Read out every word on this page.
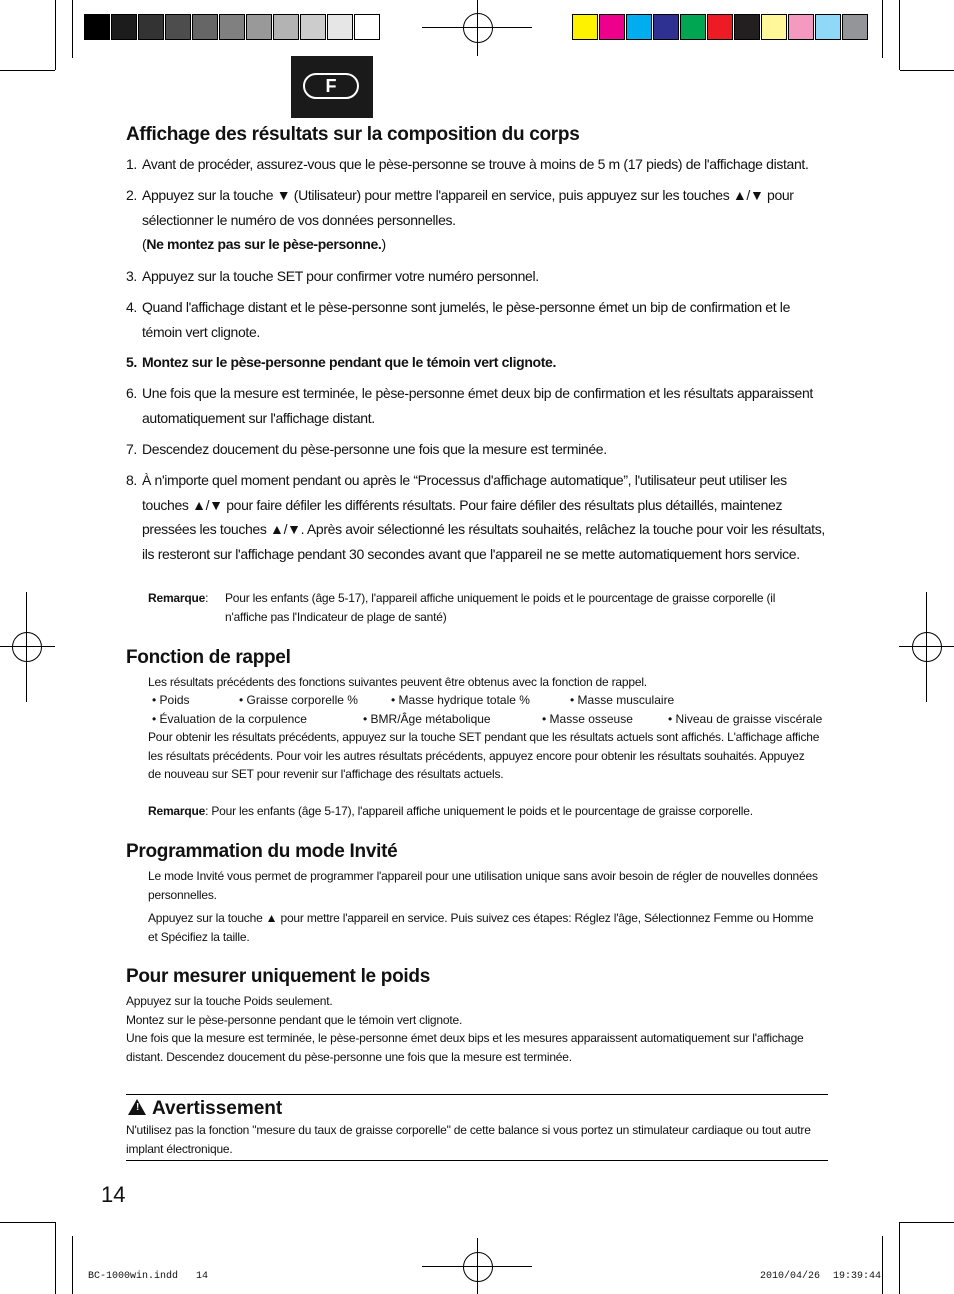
F
Affichage des résultats sur la composition du corps
1. Avant de procéder, assurez-vous que le pèse-personne se trouve à moins de 5 m (17 pieds) de l'affichage distant.
2. Appuyez sur la touche ▼ (Utilisateur) pour mettre l'appareil en service, puis appuyez sur les touches ▲/▼ pour sélectionner le numéro de vos données personnelles.
(Ne montez pas sur le pèse-personne.)
3. Appuyez sur la touche SET pour confirmer votre numéro personnel.
4. Quand l'affichage distant et le pèse-personne sont jumelés, le pèse-personne émet un bip de confirmation et le témoin vert clignote.
5. Montez sur le pèse-personne pendant que le témoin vert clignote.
6. Une fois que la mesure est terminée, le pèse-personne émet deux bip de confirmation et les résultats apparaissent automatiquement sur l'affichage distant.
7. Descendez doucement du pèse-personne une fois que la mesure est terminée.
8. À n'importe quel moment pendant ou après le “Processus d'affichage automatique”, l'utilisateur peut utiliser les touches ▲/▼ pour faire défiler les différents résultats. Pour faire défiler des résultats plus détaillés, maintenez pressées les touches ▲/▼. Après avoir sélectionné les résultats souhaités, relâchez la touche pour voir les résultats, ils resteront sur l'affichage pendant 30 secondes avant que l'appareil ne se mette automatiquement hors service.
Remarque: Pour les enfants (âge 5-17), l'appareil affiche uniquement le poids et le pourcentage de graisse corporelle (il n'affiche pas l'Indicateur de plage de santé)
Fonction de rappel
Les résultats précédents des fonctions suivantes peuvent être obtenus avec la fonction de rappel.
• Poids	• Graisse corporelle %	• Masse hydrique totale %	• Masse musculaire
• Évaluation de la corpulence	• BMR/Âge métabolique	• Masse osseuse	• Niveau de graisse viscérale
Pour obtenir les résultats précédents, appuyez sur la touche SET pendant que les résultats actuels sont affichés. L'affichage affiche les résultats précédents. Pour voir les autres résultats précédents, appuyez encore pour obtenir les résultats souhaités. Appuyez de nouveau sur SET pour revenir sur l'affichage des résultats actuels.
Remarque: Pour les enfants (âge 5-17), l'appareil affiche uniquement le poids et le pourcentage de graisse corporelle.
Programmation du mode Invité
Le mode Invité vous permet de programmer l'appareil pour une utilisation unique sans avoir besoin de régler de nouvelles données personnelles.
Appuyez sur la touche ▲ pour mettre l'appareil en service. Puis suivez ces étapes: Réglez l'âge, Sélectionnez Femme ou Homme et Spécifiez la taille.
Pour mesurer uniquement le poids
Appuyez sur la touche Poids seulement.
Montez sur le pèse-personne pendant que le témoin vert clignote.
Une fois que la mesure est terminée, le pèse-personne émet deux bips et les mesures apparaissent automatiquement sur l'affichage distant. Descendez doucement du pèse-personne une fois que la mesure est terminée.
! Avertissement
N'utilisez pas la fonction "mesure du taux de graisse corporelle" de cette balance si vous portez un stimulateur cardiaque ou tout autre implant électronique.
14
BC-1000win.indd 14	2010/04/26 19:39:44
